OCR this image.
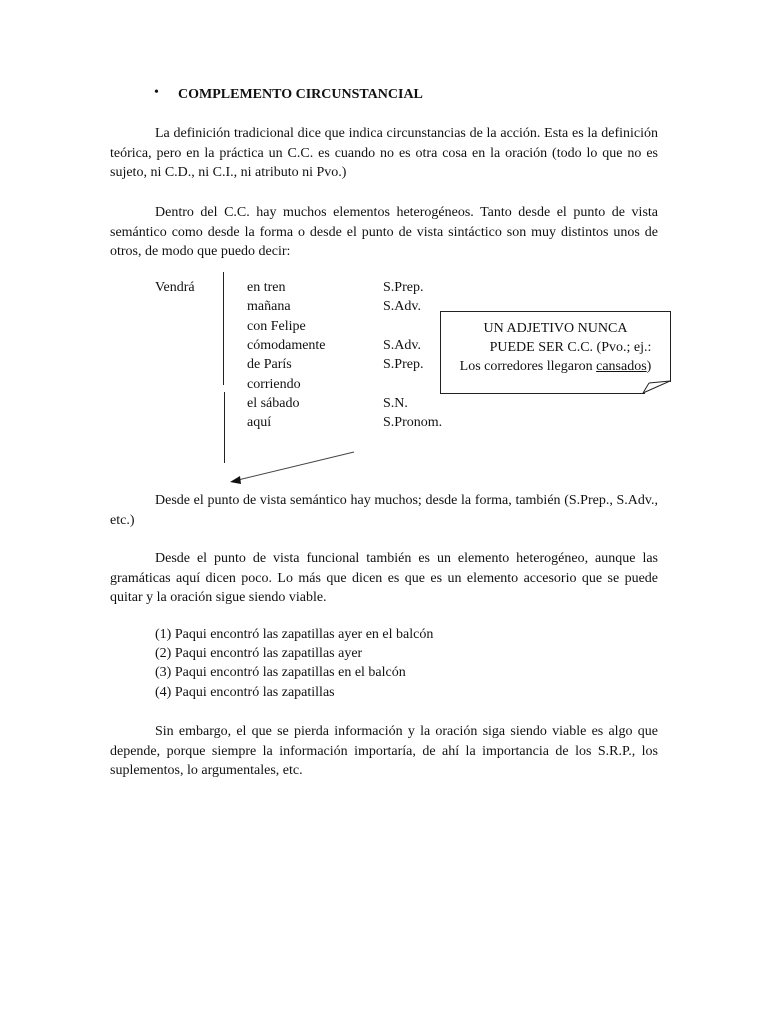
• COMPLEMENTO CIRCUNSTANCIAL
La definición tradicional dice que indica circunstancias de la acción. Esta es la definición teórica, pero en la práctica un C.C. es cuando no es otra cosa en la oración (todo lo que no es sujeto, ni C.D., ni C.I., ni atributo ni Pvo.)
Dentro del C.C. hay muchos elementos heterogéneos. Tanto desde el punto de vista semántico como desde la forma o desde el punto de vista sintáctico son muy distintos unos de otros, de modo que puedo decir:
Vendrá	en tren	S.Prep.
mañana	S.Adv.
con Felipe
cómodamente	S.Adv.
de París	S.Prep.
corriendo
el sábado	S.N.
aquí	S.Pronom.
UN ADJETIVO NUNCA
PUEDE SER C.C. (Pvo.; ej.:
Los corredores llegaron cansados)
Desde el punto de vista semántico hay muchos; desde la forma, también (S.Prep., S.Adv., etc.)
Desde el punto de vista funcional también es un elemento heterogéneo, aunque las gramáticas aquí dicen poco. Lo más que dicen es que es un elemento accesorio que se puede quitar y la oración sigue siendo viable.
(1) Paqui encontró las zapatillas ayer en el balcón
(2) Paqui encontró las zapatillas ayer
(3) Paqui encontró las zapatillas en el balcón
(4) Paqui encontró las zapatillas
Sin embargo, el que se pierda información y la oración siga siendo viable es algo que depende, porque siempre la información importaría, de ahí la importancia de los S.R.P., los suplementos, lo argumentales, etc.
